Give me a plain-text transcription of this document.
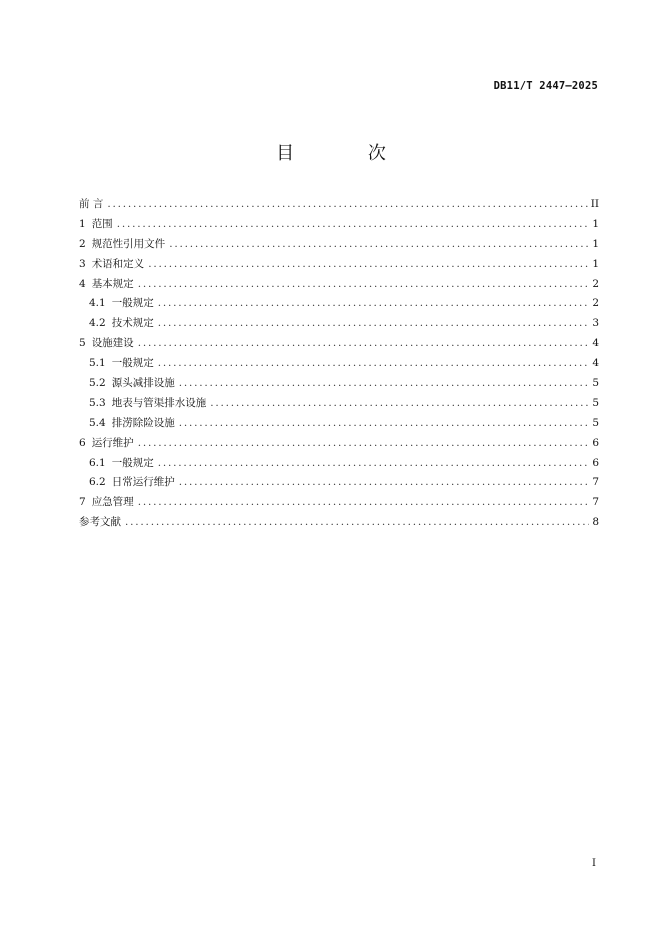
DB11/T 2447—2025
目 次
前 言 .....	II
1 范围 .....	1
2 规范性引用文件 .....	1
3 术语和定义 .....	1
4 基本规定 .....	2
4.1 一般规定 .....	2
4.2 技术规定 .....	3
5 设施建设 .....	4
5.1 一般规定 .....	4
5.2 源头减排设施 .....	5
5.3 地表与管渠排水设施 .....	5
5.4 排涝除险设施 .....	5
6 运行维护 .....	6
6.1 一般规定 .....	6
6.2 日常运行维护 .....	7
7 应急管理 .....	7
参考文献 .....	8
I
